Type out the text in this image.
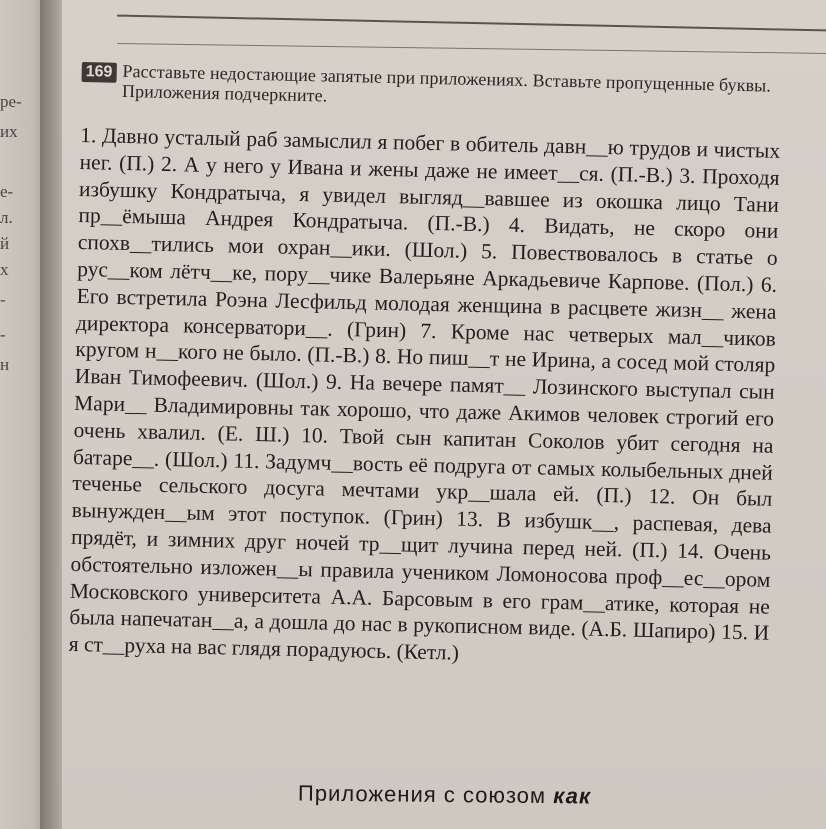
ре-
их
е-
л.
й
х
-
-
н
169 Расставьте недостающие запятые при приложениях. Вставьте пропущенные буквы. Приложения подчеркните.
1. Давно усталый раб замыслил я побег в обитель давн__ю трудов и чистых нег. (П.) 2. А у него у Ивана и жены даже не имеет__ся. (П.-В.) 3. Проходя избушку Кондратыча, я увидел выгляд__вавшее из окошка лицо Тани пр__ёмыша Андрея Кондратыча. (П.-В.) 4. Видать, не скоро они спохв__тились мои охран__ики. (Шол.) 5. Повествовалось в статье о рус__ком лётч__ке, пору__чике Валерьяне Аркадьевиче Карпове. (Пол.) 6. Его встретила Роэна Лесфильд молодая женщина в расцвете жизн__ жена директора консерватори__. (Грин) 7. Кроме нас четверых мал__чиков кругом н__кого не было. (П.-В.) 8. Но пиш__т не Ирина, а сосед мой столяр Иван Тимофеевич. (Шол.) 9. На вечере памят__ Лозинского выступал сын Мари__ Владимировны так хорошо, что даже Акимов человек строгий его очень хвалил. (Е. Ш.) 10. Твой сын капитан Соколов убит сегодня на батаре__. (Шол.) 11. Задумч__вость её подруга от самых колыбельных дней теченье сельского досуга мечтами укр__шала ей. (П.) 12. Он был вынужден__ым этот поступок. (Грин) 13. В избушк__, распевая, дева прядёт, и зимних друг ночей тр__щит лучина перед ней. (П.) 14. Очень обстоятельно изложен__ы правила учеником Ломоносова проф__ес__ором Московского университета А.А. Барсовым в его грам__атике, которая не была напечатан__а, а дошла до нас в рукописном виде. (А.Б. Шапиро) 15. И я ст__руха на вас глядя порадуюсь. (Кетл.)
Приложения с союзом как
